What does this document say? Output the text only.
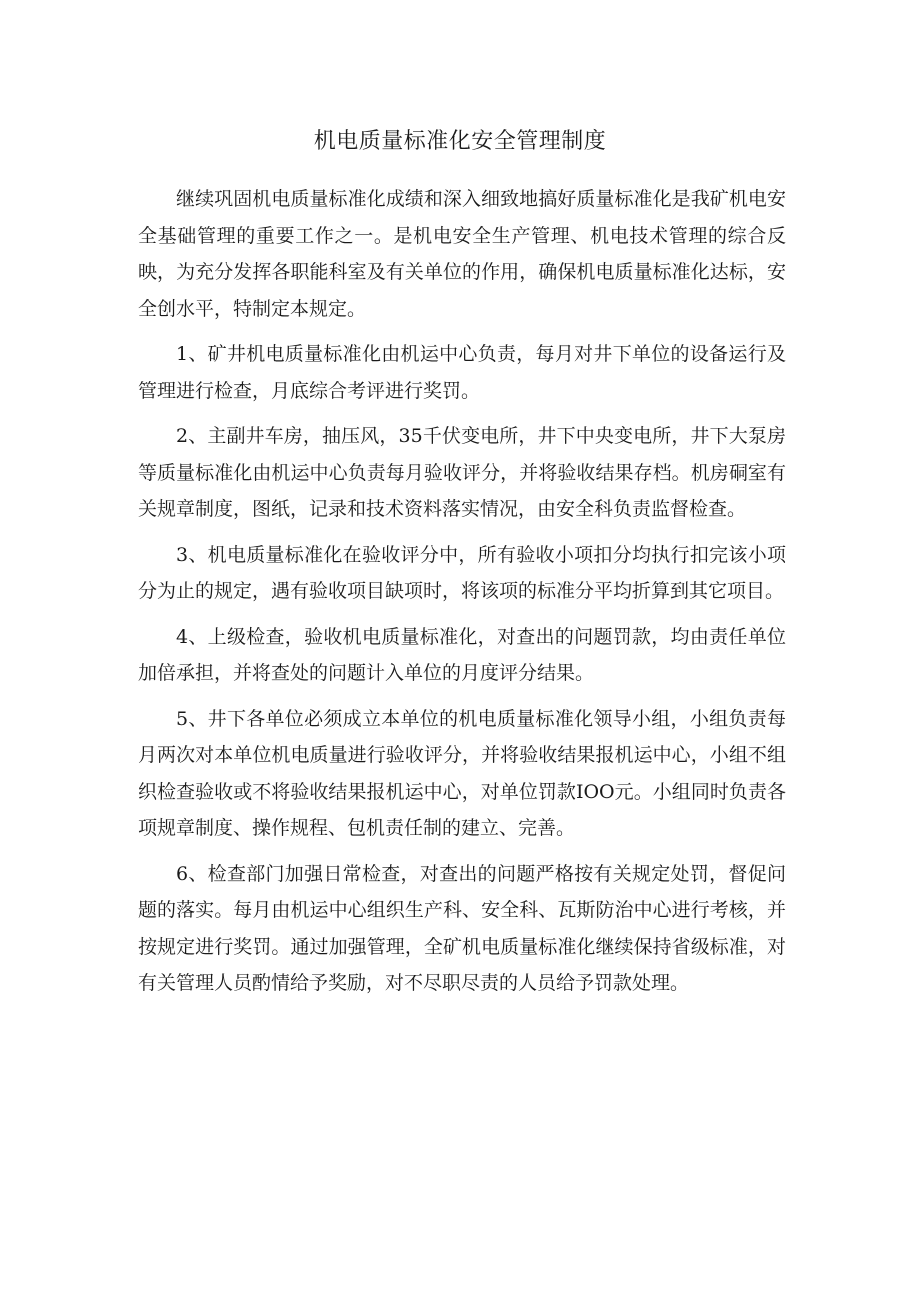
机电质量标准化安全管理制度

继续巩固机电质量标准化成绩和深入细致地搞好质量标准化是我矿机电安全基础管理的重要工作之一。是机电安全生产管理、机电技术管理的综合反映，为充分发挥各职能科室及有关单位的作用，确保机电质量标准化达标，安全创水平，特制定本规定。

1、矿井机电质量标准化由机运中心负责，每月对井下单位的设备运行及管理进行检查，月底综合考评进行奖罚。

2、主副井车房，抽压风，35千伏变电所，井下中央变电所，井下大泵房等质量标准化由机运中心负责每月验收评分，并将验收结果存档。机房硐室有关规章制度，图纸，记录和技术资料落实情况，由安全科负责监督检查。

3、机电质量标准化在验收评分中，所有验收小项扣分均执行扣完该小项分为止的规定，遇有验收项目缺项时，将该项的标准分平均折算到其它项目。

4、上级检查，验收机电质量标准化，对查出的问题罚款，均由责任单位加倍承担，并将查处的问题计入单位的月度评分结果。

5、井下各单位必须成立本单位的机电质量标准化领导小组，小组负责每月两次对本单位机电质量进行验收评分，并将验收结果报机运中心，小组不组织检查验收或不将验收结果报机运中心，对单位罚款IOO元。小组同时负责各项规章制度、操作规程、包机责任制的建立、完善。

6、检查部门加强日常检查，对查出的问题严格按有关规定处罚，督促问题的落实。每月由机运中心组织生产科、安全科、瓦斯防治中心进行考核，并按规定进行奖罚。通过加强管理，全矿机电质量标准化继续保持省级标准，对有关管理人员酌情给予奖励，对不尽职尽责的人员给予罚款处理。
